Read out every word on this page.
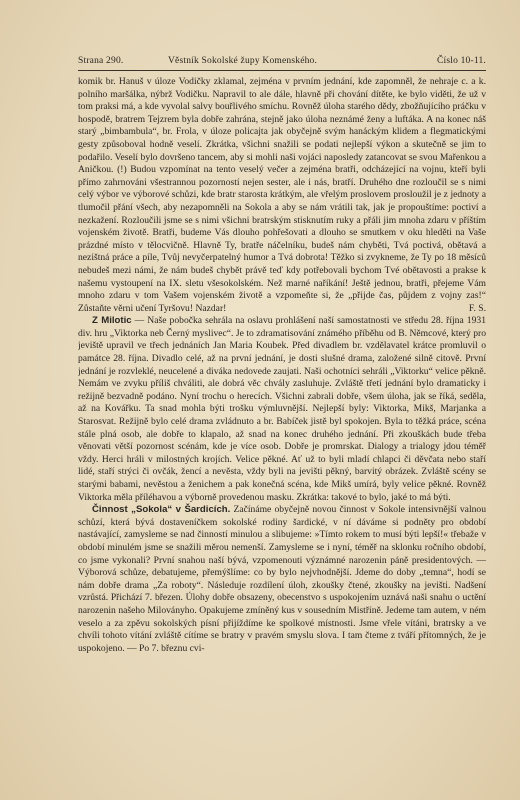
Strana 290.	Věstník Sokolské župy Komenského.	Číslo 10-11.

komik br. Hanuš v úloze Vodičky zklamal, zejména v prvním jednání, kde zapomněl, že nehraje c. a k. polního maršálka, nýbrž Vodičku. Napravil to ale dále, hlavně při chování dítěte, ke bylo viděti, že už v tom praksi má, a kde vyvolal salvy bouřlivého smíchu. Rovněž úloha starého dědy, zbožňujícího práčku v hospodě, bratrem Tejzrem byla dobře zahrána, stejně jako úloha neznámé ženy a luftáka. A na konec náš starý „bimbambula“, br. Frola, v úloze policajta jak obyčejně svým hanáckým klidem a flegmatickými gesty způsoboval hodně veselí. Zkrátka, všichni snažili se podati nejlepší výkon a skutečně se jim to podařilo. Veselí bylo dovršeno tancem, aby si mohli naši vojáci naposledy zatancovat se svou Mařenkou a Aničkou. (!) Budou vzpomínat na tento veselý večer a zejména bratři, odcházející na vojnu, kteří byli přímo zahrnováni všestrannou pozorností nejen sester, ale i nás, bratří. Druhého dne rozloučil se s nimi celý výbor ve výborové schůzi, kde bratr starosta krátkým, ale vřelým proslovem prosloužil je z jednoty a tlumočil přání všech, aby nezapomněli na Sokola a aby se nám vrátili tak, jak je propouštíme: poctiví a nezkažení. Rozloučili jsme se s nimi všichni bratrským stisknutím ruky a přáli jim mnoha zdaru v příštím vojenském životě. Bratři, budeme Vás dlouho pohřešovati a dlouho se smutkem v oku hleděti na Vaše prázdné místo v tělocvičně. Hlavně Ty, bratře náčelníku, budeš nám chyběti, Tvá poctivá, obětavá a nezištná práce a píle, Tvůj nevyčerpatelný humor a Tvá dobrota! Těžko si zvykneme, že Ty po 18 měsíců nebudeš mezi námi, že nám budeš chybět právě teď kdy potřebovali bychom Tvé obětavosti a prakse k našemu vystoupení na IX. sletu všesokolském. Než marné naříkání! Ještě jednou, bratři, přejeme Vám mnoho zdaru v tom Vašem vojenském životě a vzpomeňte si, že „přijde čas, půjdem z vojny zas!“ Zůstaňte věrni učení Tyršovu! Nazdar!	F. S.

Z Milotic — Naše pobočka sehrála na oslavu prohlášení naší samostatnosti ve středu 28. října 1931 div. hru „Viktorka neb Černý myslivec“. Je to zdramatisování známého příběhu od B. Němcové, který pro jeviště upravil ve třech jednáních Jan Maria Koubek. Před divadlem br. vzdělavatel krátce promluvil o památce 28. října. Divadlo celé, až na první jednání, je dosti slušné drama, založené silně citově. První jednání je rozvleklé, neucelené a diváka nedovede zaujati. Naši ochotníci sehráli „Viktorku“ velice pěkně. Nemám ve zvyku příliš chváliti, ale dobrá věc chvály zasluhuje. Zvláště třetí jednání bylo dramaticky i režijně bezvadně podáno. Nyní trochu o herecích. Všichni zabrali dobře, všem úloha, jak se říká, seděla, až na Kovářku. Ta snad mohla býti trošku výmluvnější. Nejlepší byly: Viktorka, Mikš, Marjanka a Starosvat. Režijně bylo celé drama zvládnuto a br. Babíček jistě byl spokojen. Byla to těžká práce, scéna stále plná osob, ale dobře to klapalo, až snad na konec druhého jednání. Při zkouškách bude třeba věnovati větší pozornost scénám, kde je více osob. Dobře je promrskat. Dialogy a trialogy jdou téměř vždy. Herci hráli v milostných krojích. Velice pěkné. Ať už to byli mladí chlapci či děvčata nebo staří lidé, staří strýci či ovčák, žencí a nevěsta, vždy byli na jevišti pěkný, barvitý obrázek. Zvláště scény se starými babami, nevěstou a ženichem a pak konečná scéna, kde Mikš umírá, byly velice pěkné. Rovněž Viktorka měla příléhavou a výborně provedenou masku. Zkrátka: takové to bylo, jaké to má býti.

Činnost „Sokola“ v Šardicích. Začínáme obyčejně novou činnost v Sokole intensivnější valnou schůzí, která bývá dostaveníčkem sokolské rodiny šardické, v ní dáváme si podněty pro období nastávající, zamysleme se nad činností minulou a slibujeme: »Tímto rokem to musí býti lepší!« třebaže v období minulém jsme se snažili měrou nemenší. Zamysleme se i nyní, téměř na sklonku ročního období, co jsme vykonali? První snahou naší bývá, vzpomenouti význámné narozenin páně presidentových. — Výborová schůze, debatujeme, přemýšlíme: co by bylo nejvhodnější. Jdeme do doby „temna“, hodí se nám dobře drama „Za roboty“. Následuje rozdílení úloh, zkoušky čtené, zkoušky na jevišti. Nadšení vzrůstá. Přichází 7. březen. Úlohy dobře obsazeny, obecenstvo s uspokojením uznává naši snahu o uctění narozenin našeho Miloványho. Opakujeme zmíněný kus v sousedním Mistříně. Jedeme tam autem, v ném veselo a za zpěvu sokolských písní přijíždíme ke spolkové místnosti. Jsme vřele vítáni, bratrsky a ve chvíli tohoto vítání zvláště cítíme se bratry v pravém smyslu slova. I tam čteme z tváří přítomných, že je uspokojeno. — Po 7. březnu cvi-
